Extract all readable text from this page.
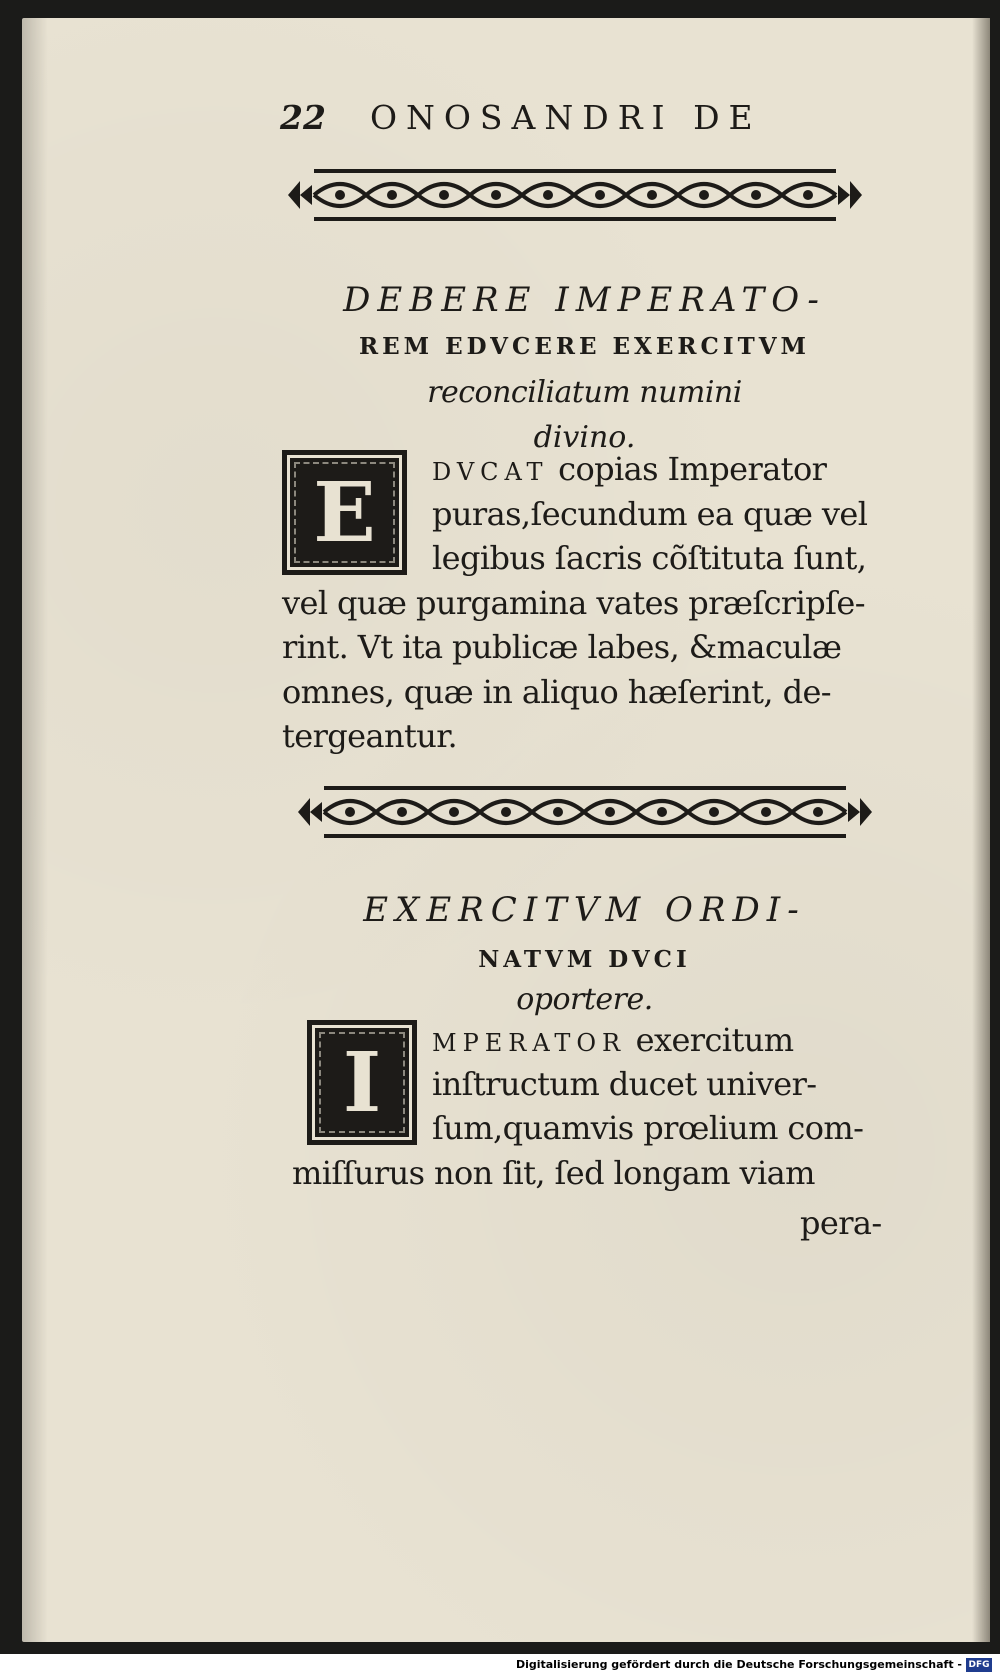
22 ONOSANDRI DE
DEBERE IMPERATO-
REM EDVCERE EXERCITVM
reconciliatum numini
divino.
E	DVCAT copias Imperator
puras,ſecundum ea quæ vel
legibus ſacris cõſtituta ſunt,
vel quæ purgamina vates præſcripſe-
rint. Vt ita publicæ labes, &maculæ
omnes, quæ in aliquo hæſerint, de-
tergeantur.
EXERCITVM ORDI-
NATVM DVCI
oportere.
I	MPERATOR exercitum
inſtructum ducet univer-
ſum,quamvis prœlium com-
miſſurus non ſit, ſed longam viam
pera-
Digitalisierung gefördert durch die Deutsche Forschungsgemeinschaft - DFG
